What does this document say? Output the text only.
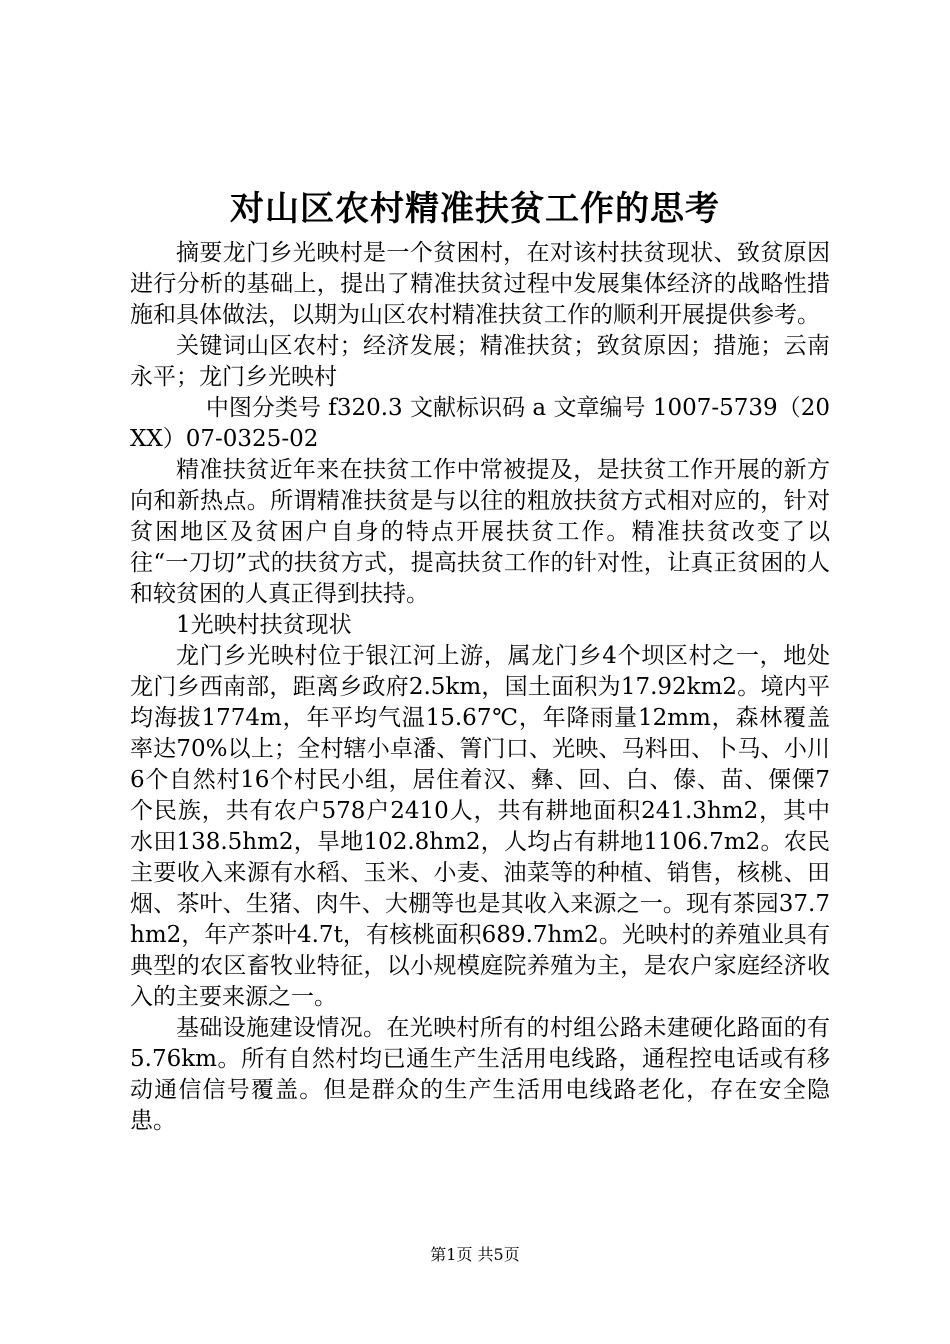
对山区农村精准扶贫工作的思考

摘要龙门乡光映村是一个贫困村，在对该村扶贫现状、致贫原因进行分析的基础上，提出了精准扶贫过程中发展集体经济的战略性措施和具体做法，以期为山区农村精准扶贫工作的顺利开展提供参考。

关键词山区农村；经济发展；精准扶贫；致贫原因；措施；云南永平；龙门乡光映村

中图分类号 f320.3 文献标识码 a 文章编号 1007-5739（20XX）07-0325-02

精准扶贫近年来在扶贫工作中常被提及，是扶贫工作开展的新方向和新热点。所谓精准扶贫是与以往的粗放扶贫方式相对应的，针对贫困地区及贫困户自身的特点开展扶贫工作。精准扶贫改变了以往“一刀切”式的扶贫方式，提高扶贫工作的针对性，让真正贫困的人和较贫困的人真正得到扶持。

1光映村扶贫现状

龙门乡光映村位于银江河上游，属龙门乡4个坝区村之一，地处龙门乡西南部，距离乡政府2.5km，国土面积为17.92km2。境内平均海拔1774m，年平均气温15.67℃，年降雨量12mm，森林覆盖率达70%以上；全村辖小卓潘、箐门口、光映、马料田、卜马、小川6个自然村16个村民小组，居住着汉、彝、回、白、傣、苗、傈傈7个民族，共有农户578户2410人，共有耕地面积241.3hm2，其中水田138.5hm2，旱地102.8hm2，人均占有耕地1106.7m2。农民主要收入来源有水稻、玉米、小麦、油菜等的种植、销售，核桃、田烟、茶叶、生猪、肉牛、大棚等也是其收入来源之一。现有茶园37.7hm2，年产茶叶4.7t，有核桃面积689.7hm2。光映村的养殖业具有典型的农区畜牧业特征，以小规模庭院养殖为主，是农户家庭经济收入的主要来源之一。

基础设施建设情况。在光映村所有的村组公路未建硬化路面的有5.76km。所有自然村均已通生产生活用电线路，通程控电话或有移动通信信号覆盖。但是群众的生产生活用电线路老化，存在安全隐患。

第1页 共5页
